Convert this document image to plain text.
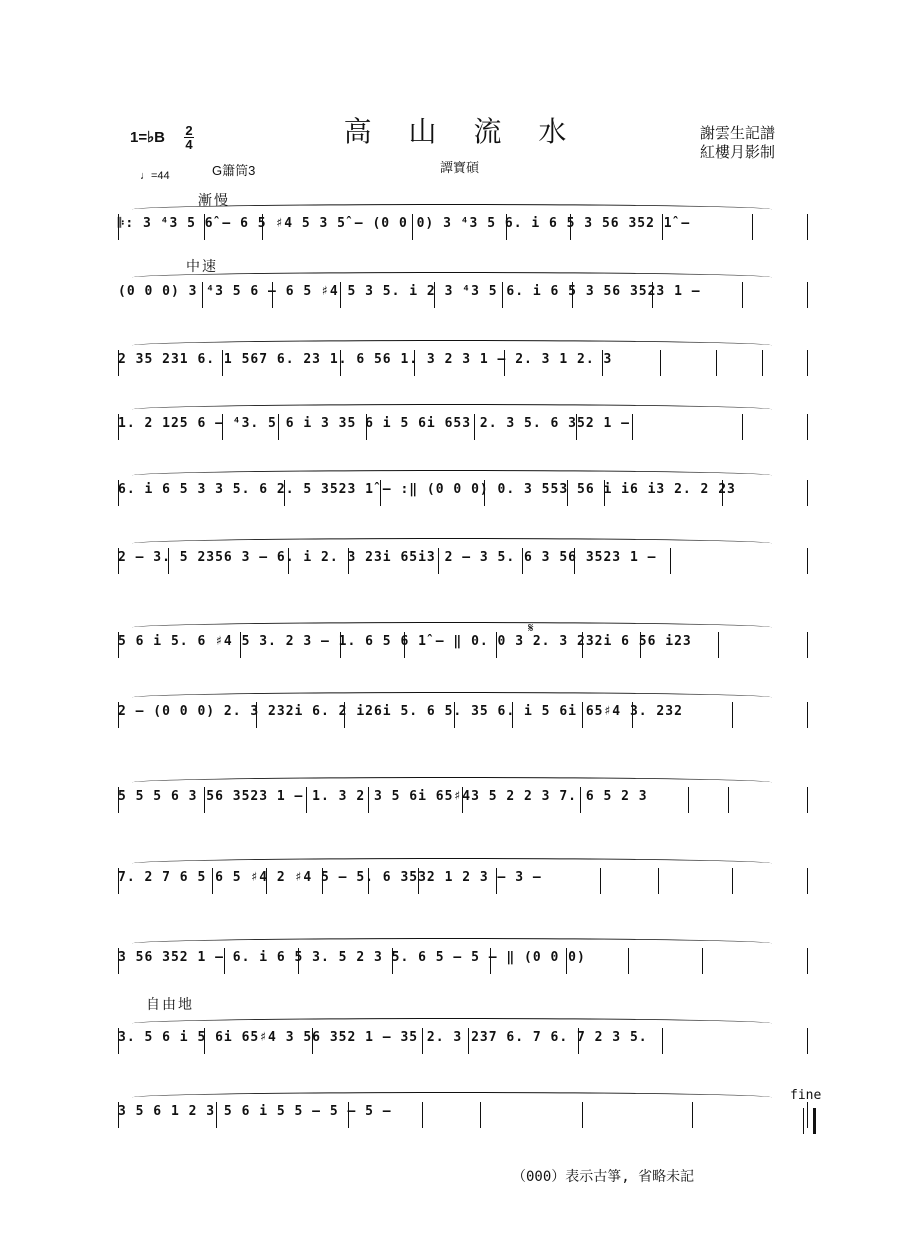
高 山 流 水
1=♭B 2
4
♩=44	G簫筒3	譚寶碩
謝雲生記譜
紅樓月影制
漸慢
中速
自由地
𝄋
𝄆: 3 ⁴3 5 6̂ – 6 5 ♯4 5 3 5̂ – (0 0 0) 3 ⁴3 5 6. i 6 5 3 56 352 1̂ –
(0 0 0) 3 ⁴3 5 6 – 6 5 ♯4 5 3 5. i 2 3 ⁴3 5 6. i 6 5 3 56 3523 1 –
2 35 231 6. 1 567 6. 23 1. 6 56 1. 3 2 3 1 – 2. 3 1 2. 3
1. 2 125 6 – ⁴3. 5 6 i 3 35 6 i 5 6i 653 2. 3 5. 6 352 1 –
6. i 6 5 3 3 5. 6 2. 5 3523 1̂ – :‖ (0 0 0) 0. 3 553 56 i i6 i3 2. 2 23
2 – 3. 5 2356 3 – 6. i 2. 3 23i 65i3 2 – 3 5. 6 3 56 3523 1 –
5 6 i 5. 6 ♯4 5 3. 2 3 – 1. 6 5 6 1̂ – ‖ 0. 0 3 2. 3 232i 6 56 i23
2 – (0 0 0) 2. 3 232i 6. 2 i26i 5. 6 5. 35 6. i 5 6i 65♯4 3. 232
5 5 5 6 3 56 3523 1 – 1. 3 2 3 5 6i 65♯43 5 2 2 3 7. 6 5 2 3
7. 2 7 6 5 6 5 ♯4 2 ♯4 5 – 5. 6 3532 1 2 3 – 3 –
3 56 352 1 – 6. i 6 5 3. 5 2 3 5. 6 5 – 5 – ‖ (0 0 0)
3. 5 6 i 5 6i 65♯4 3 56 352 1 – 35 2. 3 237 6. 7 6. 7 2 3 5.
3 5 6 1 2 3 5 6 i 5 5 – 5 – 5 –
fine
（000）表示古箏, 省略未記
